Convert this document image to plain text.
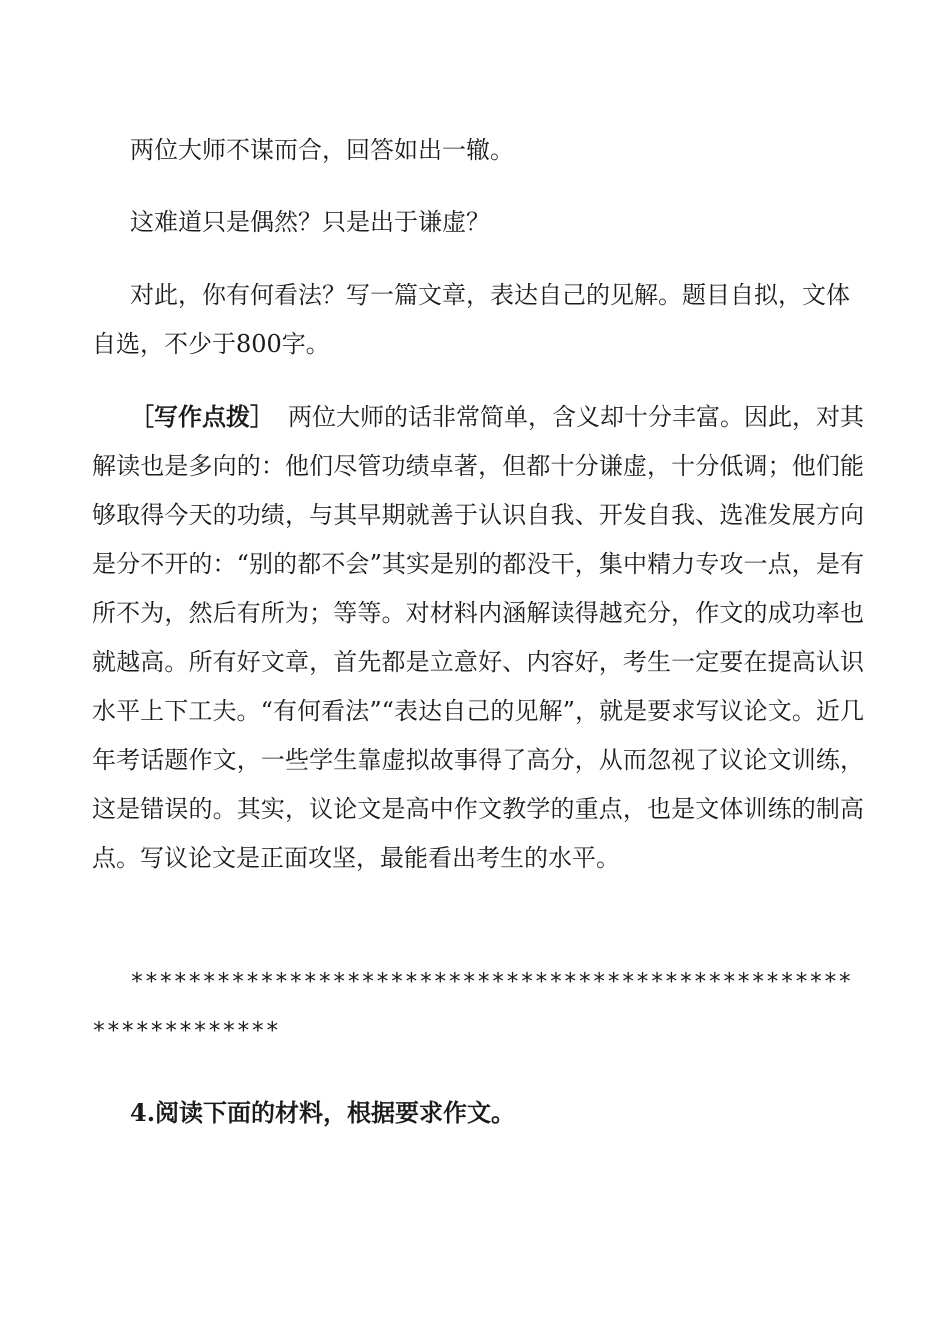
两位大师不谋而合，回答如出一辙。

这难道只是偶然？只是出于谦虚？

对此，你有何看法？写一篇文章，表达自己的见解。题目自拟，文体自选，不少于800字。

［写作点拨］ 两位大师的话非常简单，含义却十分丰富。因此，对其解读也是多向的：他们尽管功绩卓著，但都十分谦虚，十分低调；他们能够取得今天的功绩，与其早期就善于认识自我、开发自我、选准发展方向是分不开的：“别的都不会”其实是别的都没干，集中精力专攻一点，是有所不为，然后有所为；等等。对材料内涵解读得越充分，作文的成功率也就越高。所有好文章，首先都是立意好、内容好，考生一定要在提高认识水平上下工夫。“有何看法”“表达自己的见解”，就是要求写议论文。近几年考话题作文，一些学生靠虚拟故事得了高分，从而忽视了议论文训练，这是错误的。其实，议论文是高中作文教学的重点，也是文体训练的制高点。写议论文是正面攻坚，最能看出考生的水平。

***************************************************************

4.阅读下面的材料，根据要求作文。
